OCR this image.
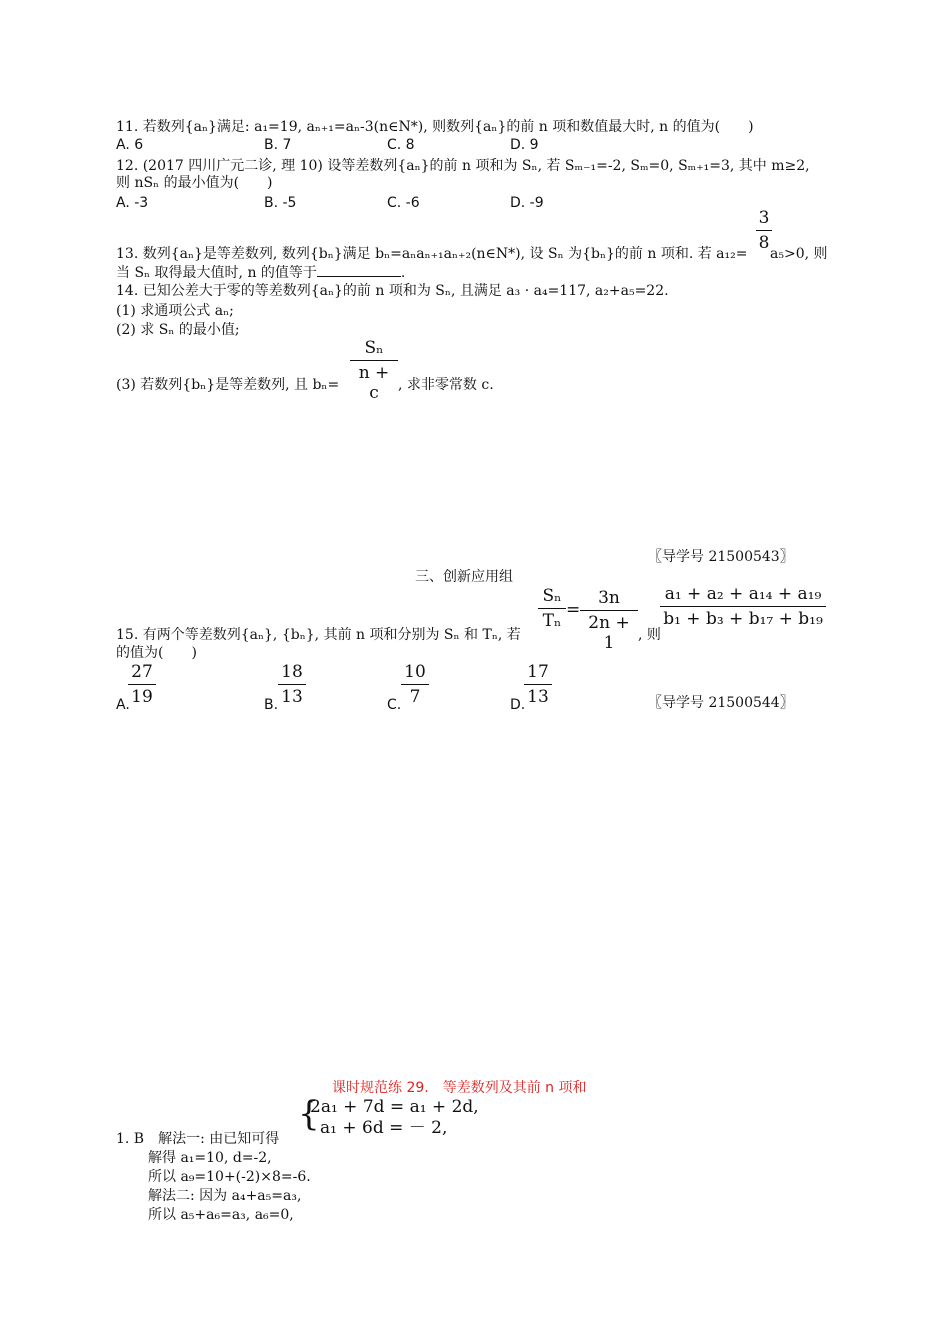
11. 若数列{aₙ}满足: a₁=19, aₙ₊₁=aₙ-3(n∈N*), 则数列{aₙ}的前 n 项和数值最大时, n 的值为(　　)
A. 6	B. 7	C. 8	D. 9
12. (2017 四川广元二诊, 理 10) 设等差数列{aₙ}的前 n 项和为 Sₙ, 若 Sₘ₋₁=-2, Sₘ=0, Sₘ₊₁=3, 其中 m≥2,
则 nSₙ 的最小值为(　　)
A. -3	B. -5	C. -6	D. -9
3
8
13. 数列{aₙ}是等差数列, 数列{bₙ}满足 bₙ=aₙaₙ₊₁aₙ₊₂(n∈N*), 设 Sₙ 为{bₙ}的前 n 项和. 若 a₁₂= a₅>0, 则
当 Sₙ 取得最大值时, n 的值等于	.
14. 已知公差大于零的等差数列{aₙ}的前 n 项和为 Sₙ, 且满足 a₃ · a₄=117, a₂+a₅=22.
(1) 求通项公式 aₙ;
(2) 求 Sₙ 的最小值;
Sₙ
n + c
(3) 若数列{bₙ}是等差数列, 且 bₙ=	, 求非零常数 c.
〖导学号 21500543〗
三、创新应用组
Sₙ
Tₙ
=
3n
2n + 1
a₁ + a₂ + a₁₄ + a₁₉
b₁ + b₃ + b₁₇ + b₁₉
15. 有两个等差数列{aₙ}, {bₙ}, 其前 n 项和分别为 Sₙ 和 Tₙ, 若	, 则
的值为(　　)
27
19
A.
18
13
B.
10
7
C.
17
13
D.	〖导学号 21500544〗
课时规范练 29.　等差数列及其前 n 项和
{
2a₁ + 7d = a₁ + 2d,
a₁ + 6d = － 2,
1. B　解法一: 由已知可得
解得 a₁=10, d=-2,
所以 a₉=10+(-2)×8=-6.
解法二: 因为 a₄+a₅=a₃,
所以 a₅+a₆=a₃, a₆=0,
